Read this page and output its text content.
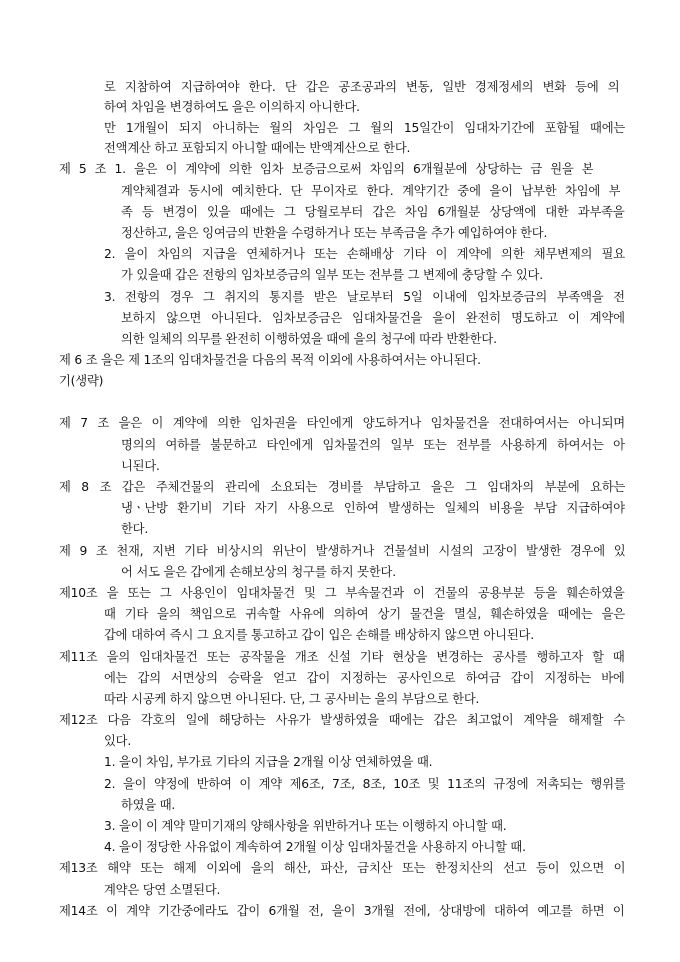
로 지참하여 지급하여야 한다. 단 갑은 공조공과의 변동, 일반 경제정세의 변화 등에 의
하여 차임을 변경하여도 을은 이의하지 아니한다.
만 1개월이 되지 아니하는 월의 차임은 그 월의 15일간이 임대차기간에 포함될 때에는
전액계산 하고 포함되지 아니할 때에는 반액계산으로 한다.
제 5 조 1. 을은 이 계약에 의한 임차 보증금으로써 차임의 6개월분에 상당하는 금 원을 본
계약체결과 동시에 예치한다. 단 무이자로 한다. 계약기간 중에 을이 납부한 차임에 부
족 등 변경이 있을 때에는 그 당월로부터 갑은 차임 6개월분 상당액에 대한 과부족을
정산하고, 을은 잉여금의 반환을 수령하거나 또는 부족금을 추가 예입하여야 한다.
2. 을이 차임의 지급을 연체하거나 또는 손해배상 기타 이 계약에 의한 채무변제의 필요
가 있을때 갑은 전항의 임차보증금의 일부 또는 전부를 그 변제에 충당할 수 있다.
3. 전항의 경우 그 취지의 통지를 받은 날로부터 5일 이내에 임차보증금의 부족액을 전
보하지 않으면 아니된다. 임차보증금은 임대차물건을 을이 완전히 명도하고 이 계약에
의한 일체의 의무를 완전히 이행하였을 때에 을의 청구에 따라 반환한다.
제 6 조 을은 제 1조의 임대차물건을 다음의 목적 이외에 사용하여서는 아니된다.
기(생략)
제 7 조 을은 이 계약에 의한 임차권을 타인에게 양도하거나 임차물건을 전대하여서는 아니되며
명의의 여하를 불문하고 타인에게 임차물건의 일부 또는 전부를 사용하게 하여서는 아
니된다.
제 8 조 갑은 주체건물의 관리에 소요되는 경비를 부담하고 을은 그 임대차의 부분에 요하는
냉ㆍ난방 환기비 기타 자기 사용으로 인하여 발생하는 일체의 비용을 부담 지급하여야
한다.
제 9 조 천재, 지변 기타 비상시의 위난이 발생하거나 건물설비 시설의 고장이 발생한 경우에 있
어 서도 을은 갑에게 손해보상의 청구를 하지 못한다.
제10조 을 또는 그 사용인이 임대차물건 및 그 부속물건과 이 건물의 공용부분 등을 훼손하였을
때 기타 을의 책임으로 귀속할 사유에 의하여 상기 물건을 멸실, 훼손하였을 때에는 을은
갑에 대하여 즉시 그 요지를 통고하고 갑이 입은 손해를 배상하지 않으면 아니된다.
제11조 을의 임대차물건 또는 공작물을 개조 신설 기타 현상을 변경하는 공사를 행하고자 할 때
에는 갑의 서면상의 승락을 얻고 갑이 지정하는 공사인으로 하여금 갑이 지정하는 바에
따라 시공케 하지 않으면 아니된다. 단, 그 공사비는 을의 부담으로 한다.
제12조 다음 각호의 일에 해당하는 사유가 발생하였을 때에는 갑은 최고없이 계약을 해제할 수
있다.
1. 을이 차임, 부가료 기타의 지급을 2개월 이상 연체하였을 때.
2. 을이 약정에 반하여 이 계약 제6조, 7조, 8조, 10조 및 11조의 규정에 저촉되는 행위를
하였을 때.
3. 을이 이 계약 말미기재의 양해사항을 위반하거나 또는 이행하지 아니할 때.
4. 을이 정당한 사유없이 계속하여 2개월 이상 임대차물건을 사용하지 아니할 때.
제13조 해약 또는 해제 이외에 을의 해산, 파산, 금치산 또는 한정치산의 선고 등이 있으면 이
계약은 당연 소멸된다.
제14조 이 계약 기간중에라도 갑이 6개월 전, 을이 3개월 전에, 상대방에 대하여 예고를 하면 이
